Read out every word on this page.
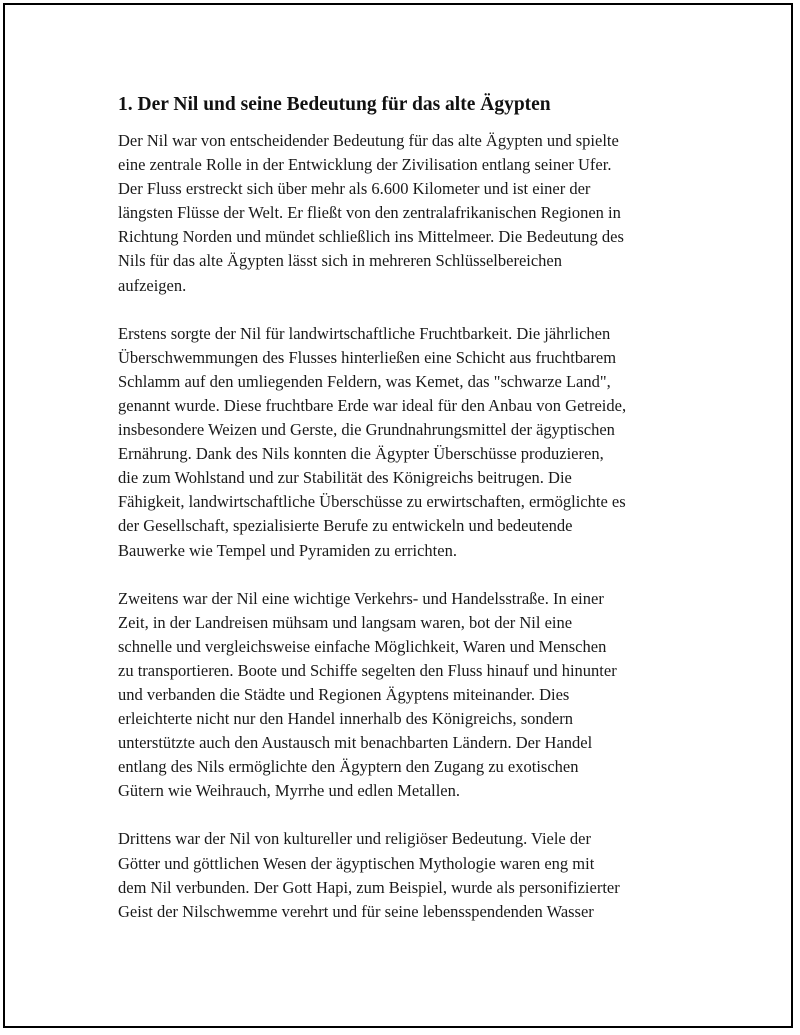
1. Der Nil und seine Bedeutung für das alte Ägypten

Der Nil war von entscheidender Bedeutung für das alte Ägypten und spielte
eine zentrale Rolle in der Entwicklung der Zivilisation entlang seiner Ufer.
Der Fluss erstreckt sich über mehr als 6.600 Kilometer und ist einer der
längsten Flüsse der Welt. Er fließt von den zentralafrikanischen Regionen in
Richtung Norden und mündet schließlich ins Mittelmeer. Die Bedeutung des
Nils für das alte Ägypten lässt sich in mehreren Schlüsselbereichen
aufzeigen.

Erstens sorgte der Nil für landwirtschaftliche Fruchtbarkeit. Die jährlichen
Überschwemmungen des Flusses hinterließen eine Schicht aus fruchtbarem
Schlamm auf den umliegenden Feldern, was Kemet, das "schwarze Land",
genannt wurde. Diese fruchtbare Erde war ideal für den Anbau von Getreide,
insbesondere Weizen und Gerste, die Grundnahrungsmittel der ägyptischen
Ernährung. Dank des Nils konnten die Ägypter Überschüsse produzieren,
die zum Wohlstand und zur Stabilität des Königreichs beitrugen. Die
Fähigkeit, landwirtschaftliche Überschüsse zu erwirtschaften, ermöglichte es
der Gesellschaft, spezialisierte Berufe zu entwickeln und bedeutende
Bauwerke wie Tempel und Pyramiden zu errichten.

Zweitens war der Nil eine wichtige Verkehrs- und Handelsstraße. In einer
Zeit, in der Landreisen mühsam und langsam waren, bot der Nil eine
schnelle und vergleichsweise einfache Möglichkeit, Waren und Menschen
zu transportieren. Boote und Schiffe segelten den Fluss hinauf und hinunter
und verbanden die Städte und Regionen Ägyptens miteinander. Dies
erleichterte nicht nur den Handel innerhalb des Königreichs, sondern
unterstützte auch den Austausch mit benachbarten Ländern. Der Handel
entlang des Nils ermöglichte den Ägyptern den Zugang zu exotischen
Gütern wie Weihrauch, Myrrhe und edlen Metallen.

Drittens war der Nil von kultureller und religiöser Bedeutung. Viele der
Götter und göttlichen Wesen der ägyptischen Mythologie waren eng mit
dem Nil verbunden. Der Gott Hapi, zum Beispiel, wurde als personifizierter
Geist der Nilschwemme verehrt und für seine lebensspendenden Wasser
